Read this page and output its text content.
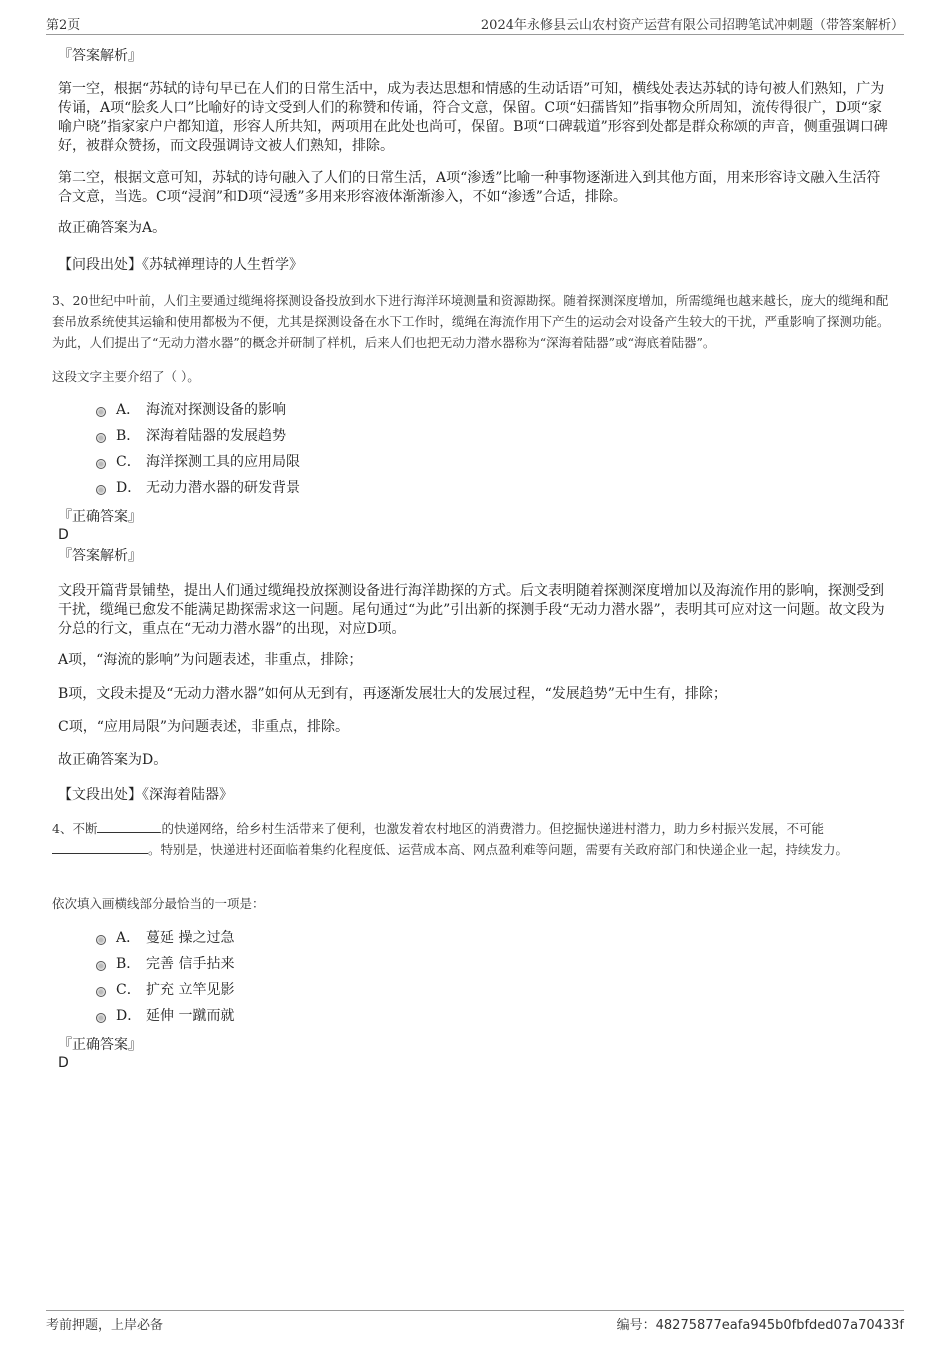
第2页	2024年永修县云山农村资产运营有限公司招聘笔试冲刺题（带答案解析）
『答案解析』

第一空，根据“苏轼的诗句早已在人们的日常生活中，成为表达思想和情感的生动话语”可知，横线处表达苏轼的诗句被人们熟知，广为传诵，A项“脍炙人口”比喻好的诗文受到人们的称赞和传诵，符合文意，保留。C项“妇孺皆知”指事物众所周知，流传得很广，D项“家喻户晓”指家家户户都知道，形容人所共知，两项用在此处也尚可，保留。B项“口碑载道”形容到处都是群众称颂的声音，侧重强调口碑好，被群众赞扬，而文段强调诗文被人们熟知，排除。

第二空，根据文意可知，苏轼的诗句融入了人们的日常生活，A项“渗透”比喻一种事物逐渐进入到其他方面，用来形容诗文融入生活符合文意，当选。C项“浸润”和D项“浸透”多用来形容液体渐渐渗入，不如“渗透”合适，排除。

故正确答案为A。
【问段出处】《苏轼禅理诗的人生哲学》

3、20世纪中叶前，人们主要通过缆绳将探测设备投放到水下进行海洋环境测量和资源勘探。随着探测深度增加，所需缆绳也越来越长，庞大的缆绳和配套吊放系统使其运输和使用都极为不便，尤其是探测设备在水下工作时，缆绳在海流作用下产生的运动会对设备产生较大的干扰，严重影响了探测功能。为此，人们提出了“无动力潜水器”的概念并研制了样机，后来人们也把无动力潜水器称为“深海着陆器”或“海底着陆器”。

这段文字主要介绍了（ ）。
A． 海流对探测设备的影响
B． 深海着陆器的发展趋势
C． 海洋探测工具的应用局限
D． 无动力潜水器的研发背景
『正确答案』
D
『答案解析』

文段开篇背景铺垫，提出人们通过缆绳投放探测设备进行海洋勘探的方式。后文表明随着探测深度增加以及海流作用的影响，探测受到干扰，缆绳已愈发不能满足勘探需求这一问题。尾句通过“为此”引出新的探测手段“无动力潜水器”，表明其可应对这一问题。故文段为分总的行文，重点在“无动力潜水器”的出现，对应D项。

A项，“海流的影响”为问题表述，非重点，排除；
B项，文段未提及“无动力潜水器”如何从无到有，再逐渐发展壮大的发展过程，“发展趋势”无中生有，排除；
C项，“应用局限”为问题表述，非重点，排除。
故正确答案为D。
【文段出处】《深海着陆器》

4、不断	的快递网络，给乡村生活带来了便利，也激发着农村地区的消费潜力。但挖掘快递进村潜力，助力乡村振兴发展，不可能。特别是，快递进村还面临着集约化程度低、运营成本高、网点盈利难等问题，需要有关政府部门和快递企业一起，持续发力。

依次填入画横线部分最恰当的一项是：
A． 蔓延 操之过急
B． 完善 信手拈来
C． 扩充 立竿见影
D． 延伸 一蹴而就
『正确答案』
D
考前押题，上岸必备	编号：48275877eafa945b0fbfded07a70433f
